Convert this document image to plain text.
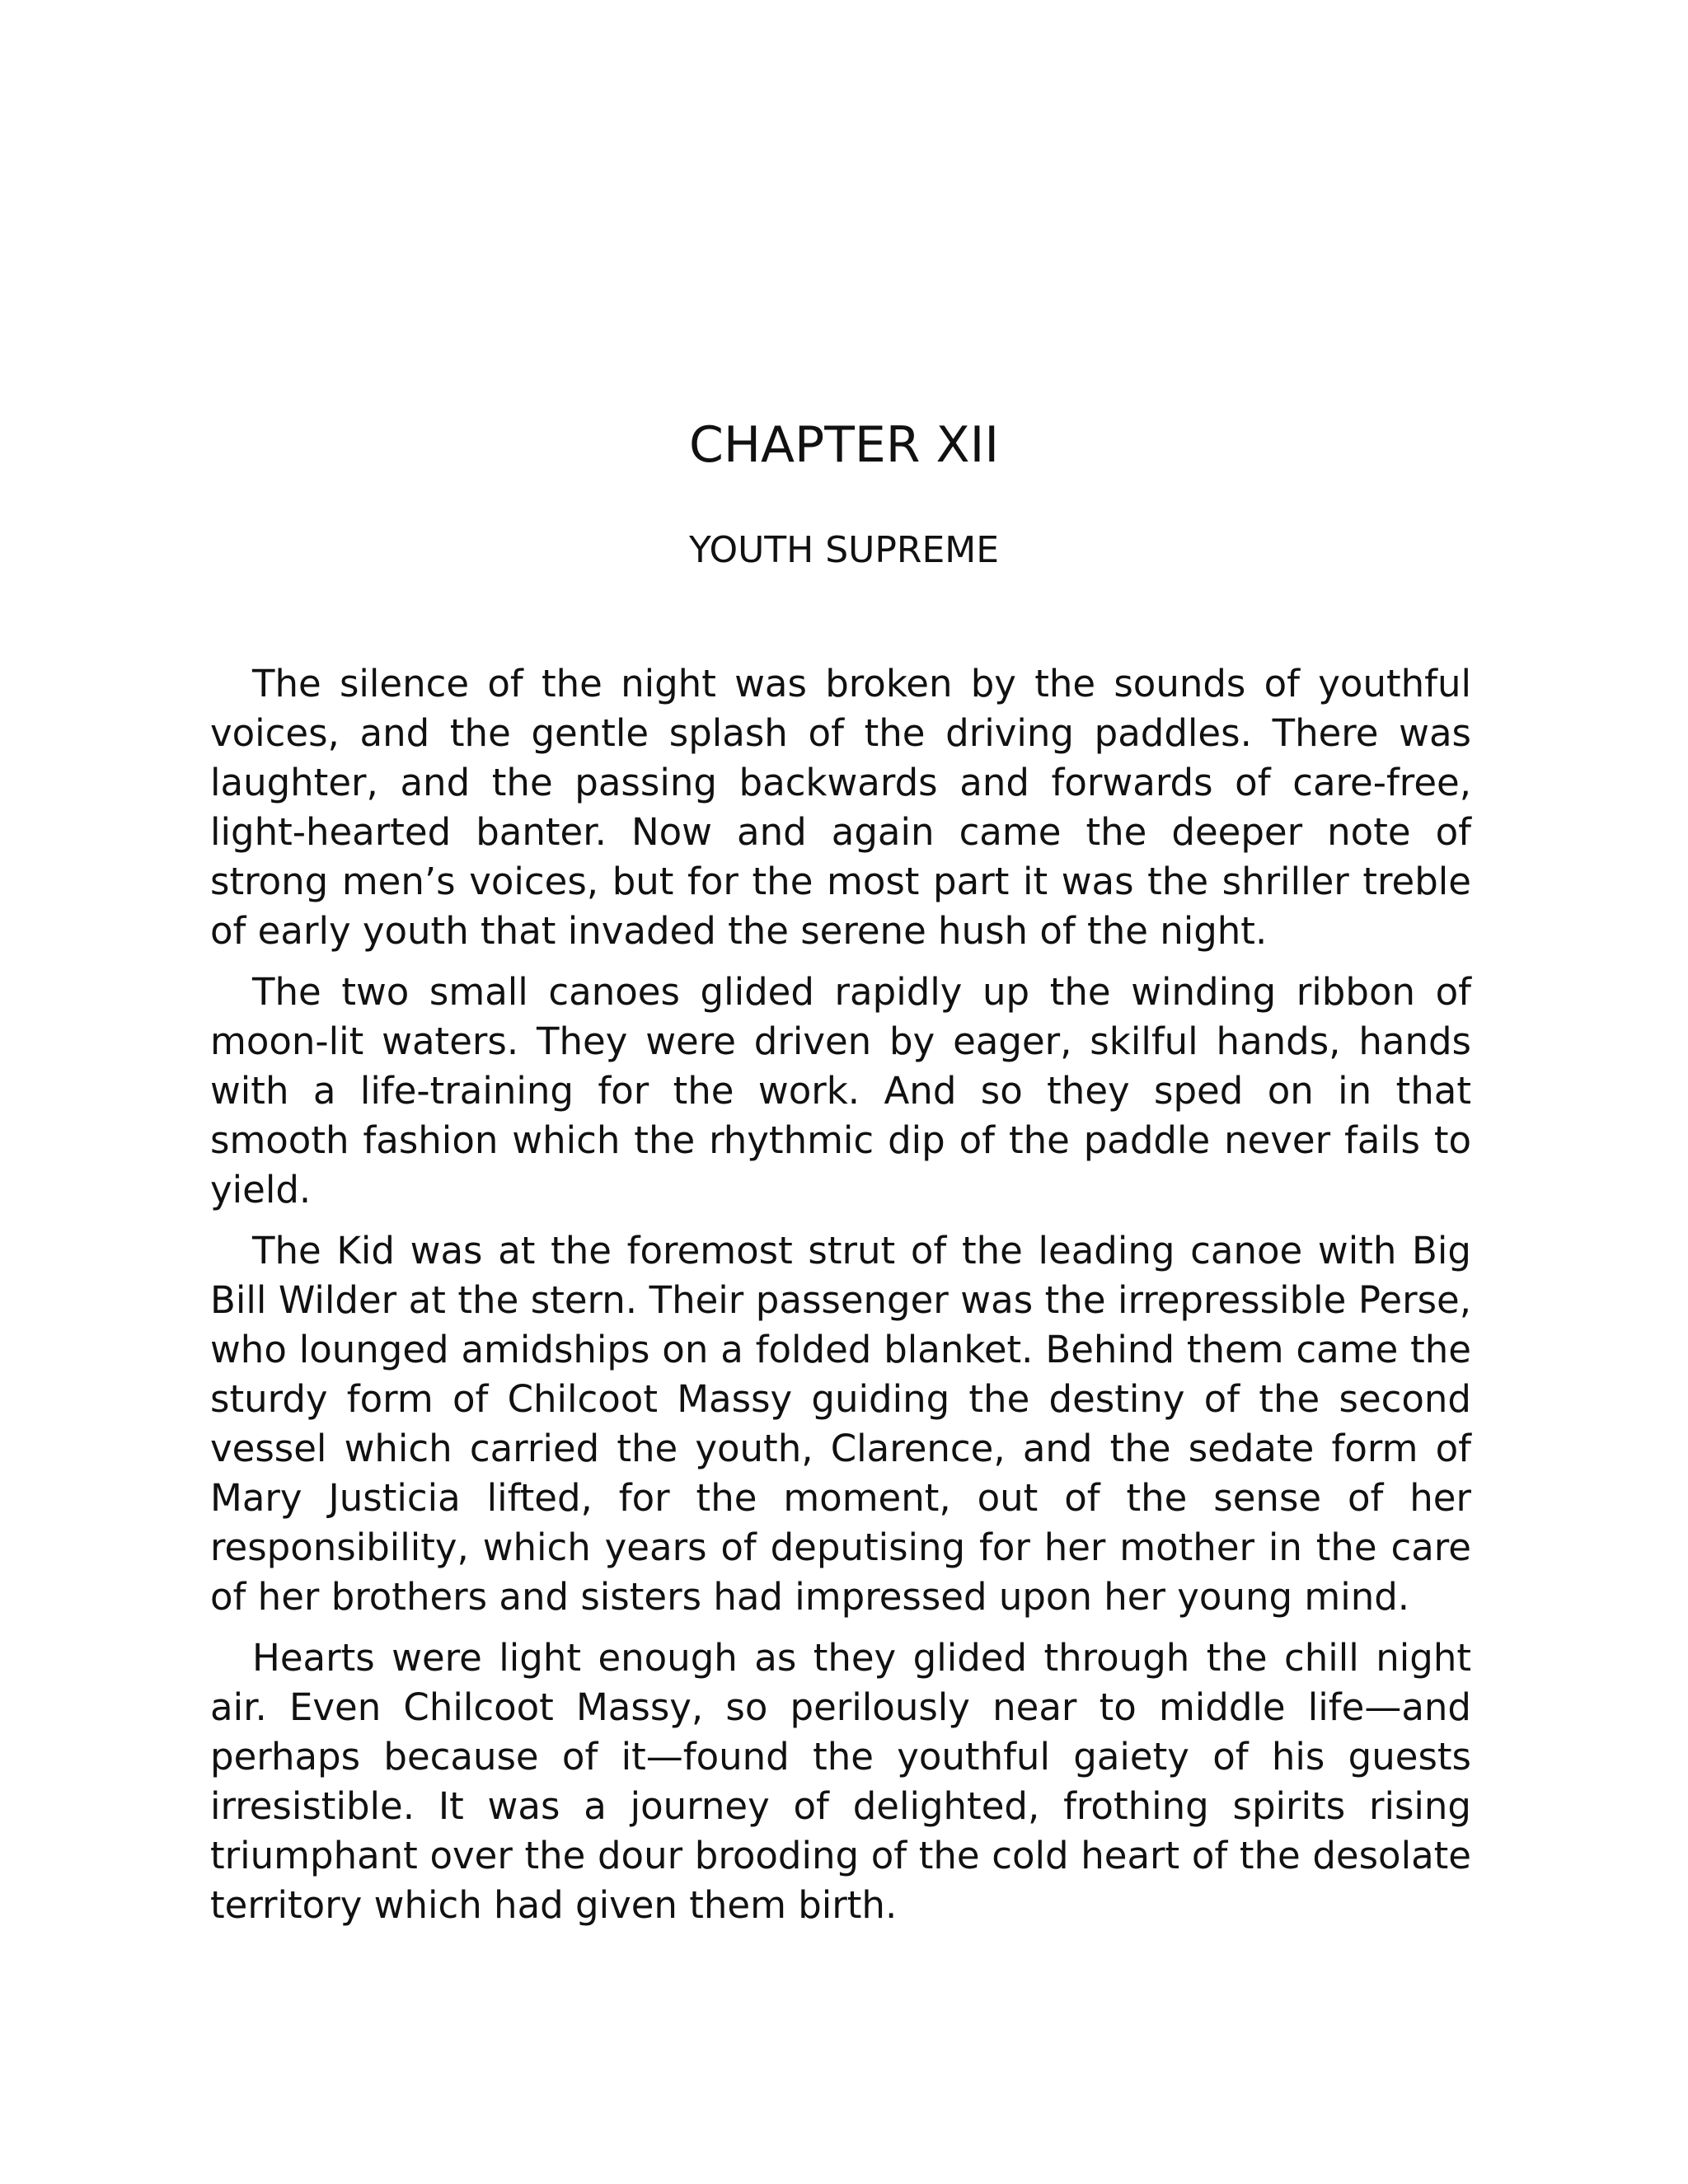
CHAPTER XII
YOUTH SUPREME

The silence of the night was broken by the sounds of youthful voices, and the gentle splash of the driving paddles. There was laughter, and the passing backwards and forwards of care-free, light-hearted banter. Now and again came the deeper note of strong men’s voices, but for the most part it was the shriller treble of early youth that invaded the serene hush of the night.

The two small canoes glided rapidly up the winding ribbon of moon-lit waters. They were driven by eager, skilful hands, hands with a life-training for the work. And so they sped on in that smooth fashion which the rhythmic dip of the paddle never fails to yield.

The Kid was at the foremost strut of the leading canoe with Big Bill Wilder at the stern. Their passenger was the irrepressible Perse, who lounged amidships on a folded blanket. Behind them came the sturdy form of Chilcoot Massy guiding the destiny of the second vessel which carried the youth, Clarence, and the sedate form of Mary Justicia lifted, for the moment, out of the sense of her responsibility, which years of deputising for her mother in the care of her brothers and sisters had impressed upon her young mind.

Hearts were light enough as they glided through the chill night air. Even Chilcoot Massy, so perilously near to middle life—and perhaps because of it—found the youthful gaiety of his guests irresistible. It was a journey of delighted, frothing spirits rising triumphant over the dour brooding of the cold heart of the desolate territory which had given them birth.
